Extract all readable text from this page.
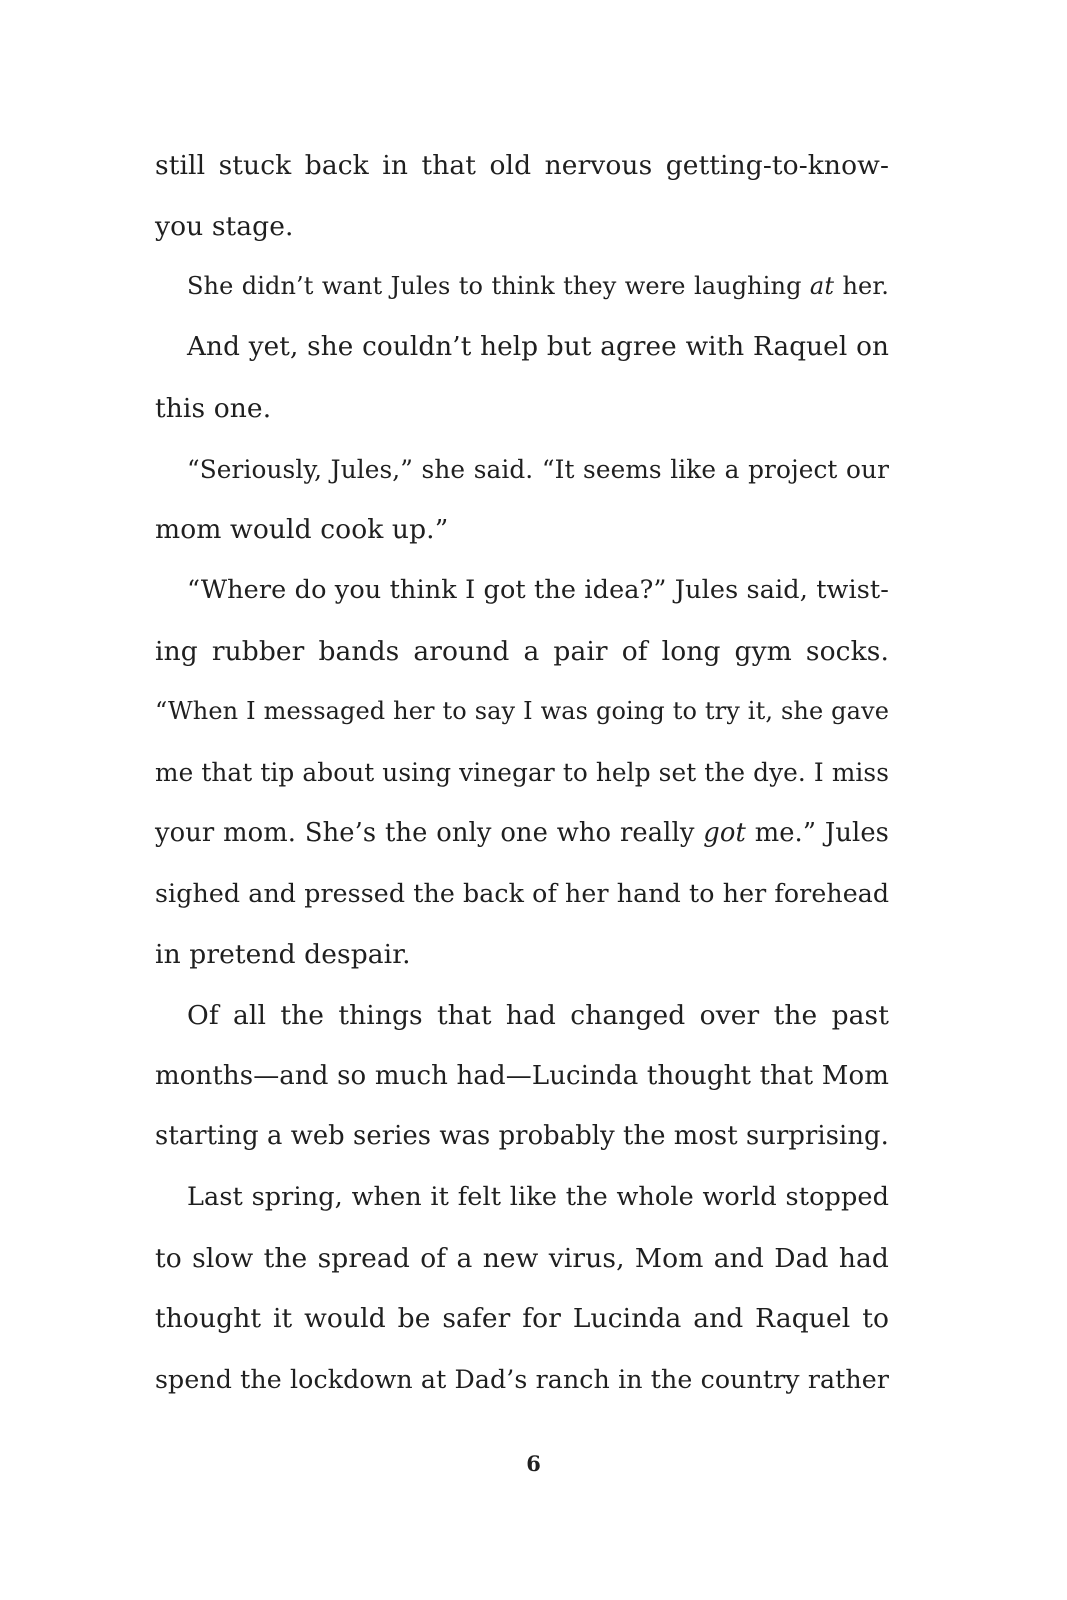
still stuck back in that old nervous getting-to-know-
you stage.
She didn’t want Jules to think they were laughing at her.
And yet, she couldn’t help but agree with Raquel on
this one.
“Seriously, Jules,” she said. “It seems like a project our
mom would cook up.”
“Where do you think I got the idea?” Jules said, twist-
ing rubber bands around a pair of long gym socks.
“When I messaged her to say I was going to try it, she gave
me that tip about using vinegar to help set the dye. I miss
your mom. She’s the only one who really got me.” Jules
sighed and pressed the back of her hand to her forehead
in pretend despair.
Of all the things that had changed over the past
months—and so much had—Lucinda thought that Mom
starting a web series was probably the most surprising.
Last spring, when it felt like the whole world stopped
to slow the spread of a new virus, Mom and Dad had
thought it would be safer for Lucinda and Raquel to
spend the lockdown at Dad’s ranch in the country rather
6
